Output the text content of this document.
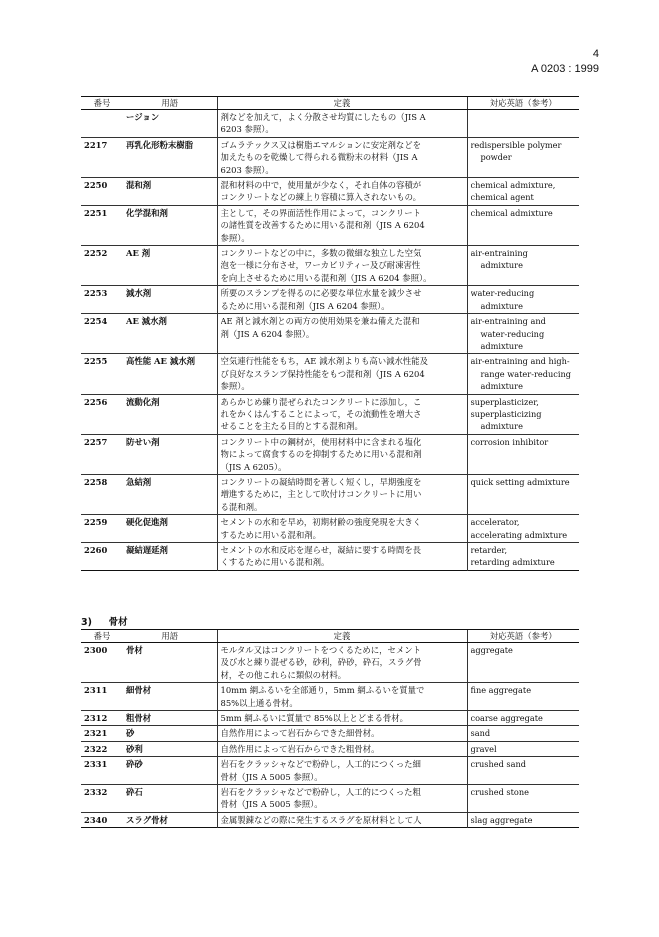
4
A 0203 : 1999
番号	用語	定義	対応英語（参考）
	ージョン	剤などを加えて，よく分散させ均質にしたもの（JIS A
6203 参照）。	

2217	再乳化形粉末樹脂	ゴムラテックス又は樹脂エマルションに安定剤などを
加えたものを乾燥して得られる微粉末の材料（JIS A
6203 参照）。	redispersible polymer
powder

2250	混和剤	混和材料の中で，使用量が少なく，それ自体の容積が
コンクリートなどの練上り容積に算入されないもの。	chemical admixture,
chemical agent

2251	化学混和剤	主として，その界面活性作用によって，コンクリート
の諸性質を改善するために用いる混和剤（JIS A 6204
参照）。	chemical admixture

2252	AE 剤	コンクリートなどの中に，多数の微細な独立した空気
泡を一様に分布させ，ワーカビリティー及び耐凍害性
を向上させるために用いる混和剤（JIS A 6204 参照）。	air-entraining
admixture

2253	減水剤	所要のスランプを得るのに必要な単位水量を減少させ
るために用いる混和剤（JIS A 6204 参照）。	water-reducing
admixture

2254	AE 減水剤	AE 剤と減水剤との両方の使用効果を兼ね備えた混和
剤（JIS A 6204 参照）。	air-entraining and
water-reducing
admixture

2255	高性能 AE 減水剤	空気連行性能をもち，AE 減水剤よりも高い減水性能及
び良好なスランプ保持性能をもつ混和剤（JIS A 6204
参照）。	air-entraining and high-
range water-reducing
admixture

2256	流動化剤	あらかじめ練り混ぜられたコンクリートに添加し，こ
れをかくはんすることによって，その流動性を増大さ
せることを主たる目的とする混和剤。	superplasticizer,
superplasticizing
admixture

2257	防せい剤	コンクリート中の鋼材が，使用材料中に含まれる塩化
物によって腐食するのを抑制するために用いる混和剤
（JIS A 6205）。	corrosion inhibitor

2258	急結剤	コンクリートの凝結時間を著しく短くし，早期強度を
増進するために，主として吹付けコンクリートに用い
る混和剤。	quick setting admixture

2259	硬化促進剤	セメントの水和を早め，初期材齢の強度発現を大きく
するために用いる混和剤。	accelerator,
accelerating admixture

2260	凝結遅延剤	セメントの水和反応を遅らせ，凝結に要する時間を長
くするために用いる混和剤。	retarder,
retarding admixture
3) 骨材
番号	用語	定義	対応英語（参考）
2300	骨材	モルタル又はコンクリートをつくるために，セメント
及び水と練り混ぜる砂，砂利，砕砂，砕石，スラグ骨
材，その他これらに類似の材料。	aggregate

2311	細骨材	10mm 網ふるいを全部通り，5mm 網ふるいを質量で
85%以上通る骨材。	fine aggregate

2312	粗骨材	5mm 網ふるいに質量で 85%以上とどまる骨材。	coarse aggregate

2321	砂	自然作用によって岩石からできた細骨材。	sand

2322	砂利	自然作用によって岩石からできた粗骨材。	gravel

2331	砕砂	岩石をクラッシャなどで粉砕し，人工的につくった細
骨材（JIS A 5005 参照）。	crushed sand

2332	砕石	岩石をクラッシャなどで粉砕し，人工的につくった粗
骨材（JIS A 5005 参照）。	crushed stone

2340	スラグ骨材	金属製錬などの際に発生するスラグを原材料として人	slag aggregate
